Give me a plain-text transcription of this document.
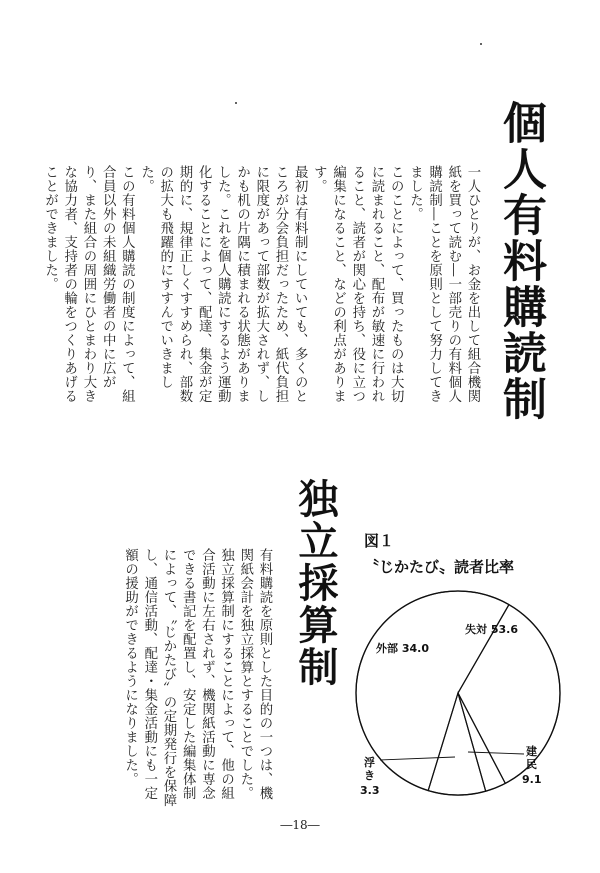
個人有料購読制

一人ひとりが、お金を出して組合機関紙を買って読む―一部売りの有料個人購読制―ことを原則として努力してきました。

このことによって、買ったものは大切に読まれること、配布が敏速に行われること、読者が関心を持ち、役に立つ編集になること、などの利点があります。

最初は有料制にしていても、多くのところが分会負担だったため、紙代負担に限度があって部数が拡大されず、しかも机の片隅に積まれる状態がありました。これを個人購読にするよう運動化することによって、配達、集金が定期的に、規律正しくすすめられ、部数の拡大も飛躍的にすすんでいきました。

この有料個人購読の制度によって、組合員以外の未組織労働者の中に広がり、また組合の周囲にひとまわり大きな協力者、支持者の輪をつくりあげることができました。

独立採算制

有料購読を原則とした目的の一つは、機関紙会計を独立採算とすることでした。

独立採算制にすることによって、他の組合活動に左右されず、機関紙活動に専念できる書記を配置し、安定した編集体制によって、〝じかたび〟の定期発行を保障し、通信活動、配達・集金活動にも一定額の援助ができるようになりました。

図１
〝じかたび〟読者比率
失対 53.6
外部 34.0
浮
き
3.3
建
民
9.1
―18―
